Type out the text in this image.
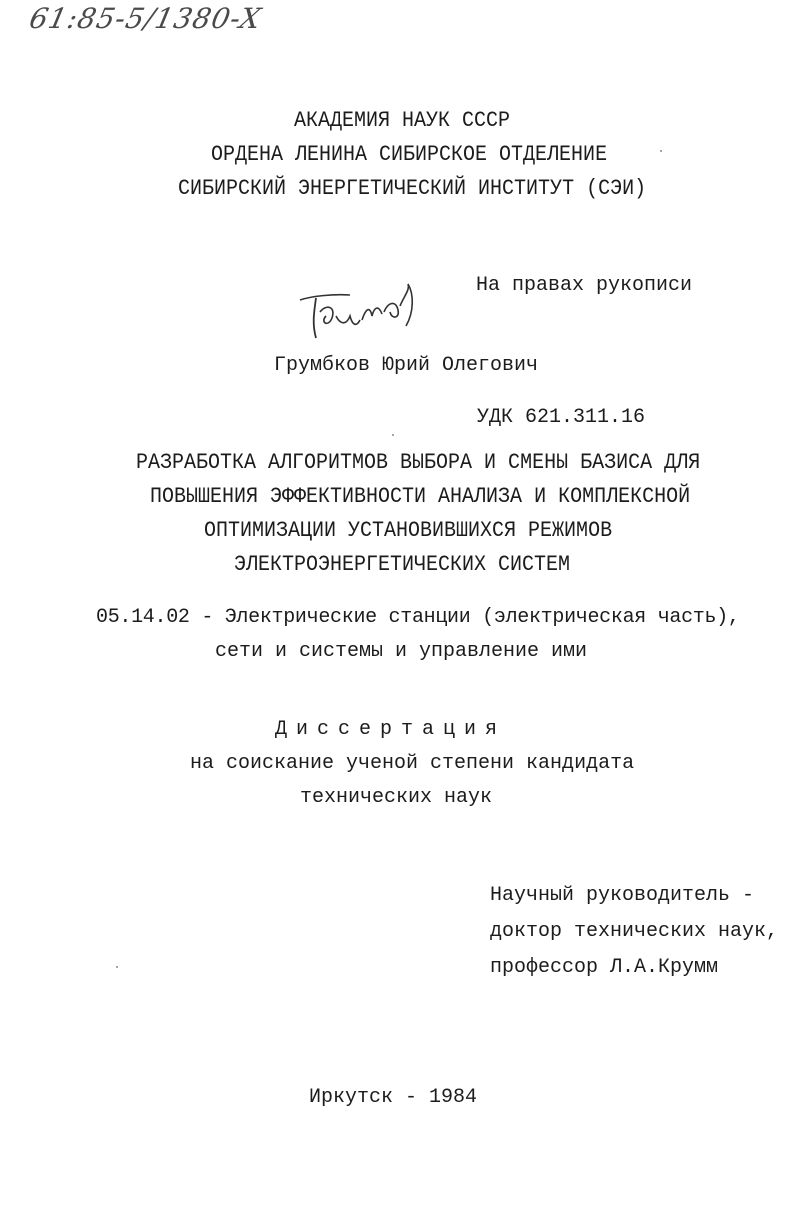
61:85-5/1380-X
АКАДЕМИЯ НАУК СССР
ОРДЕНА ЛЕНИНА СИБИРСКОЕ ОТДЕЛЕНИЕ
СИБИРСКИЙ ЭНЕРГЕТИЧЕСКИЙ ИНСТИТУТ (СЭИ)
На правах рукописи
Грумбков Юрий Олегович
УДК 621.311.16
РАЗРАБОТКА АЛГОРИТМОВ ВЫБОРА И СМЕНЫ БАЗИСА ДЛЯ
ПОВЫШЕНИЯ ЭФФЕКТИВНОСТИ АНАЛИЗА И КОМПЛЕКСНОЙ
ОПТИМИЗАЦИИ УСТАНОВИВШИХСЯ РЕЖИМОВ
ЭЛЕКТРОЭНЕРГЕТИЧЕСКИХ СИСТЕМ
05.14.02 - Электрические станции (электрическая часть),
сети и системы и управление ими
Диссертация
на соискание ученой степени кандидата
технических наук
Научный руководитель -
доктор технических наук,
профессор Л.А.Крумм
Иркутск - 1984
